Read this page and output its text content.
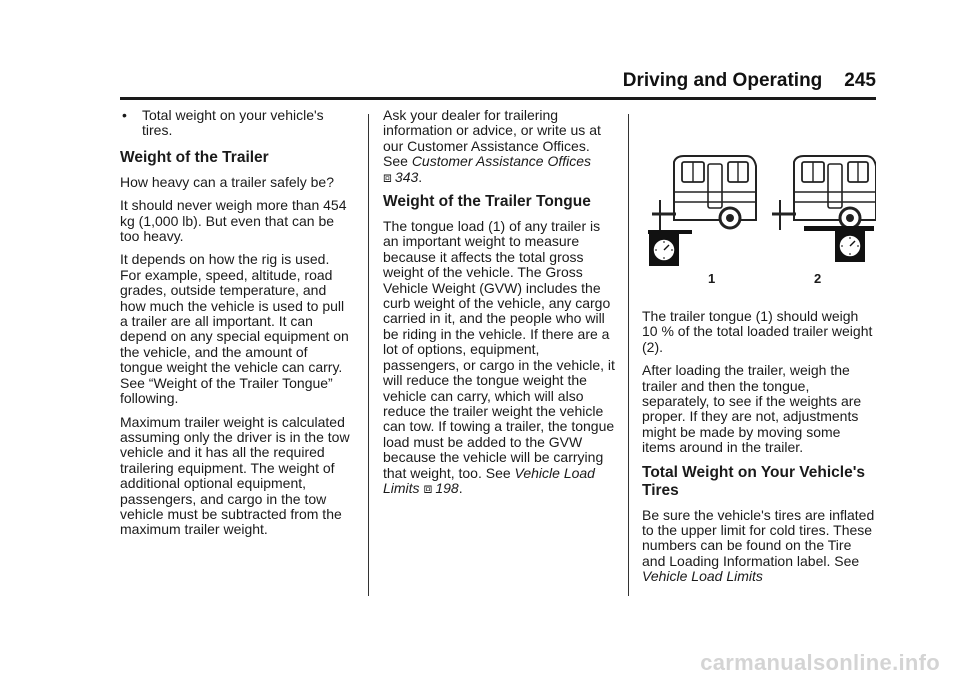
Driving and Operating 245
• Total weight on your vehicle's tires.
Weight of the Trailer

How heavy can a trailer safely be?

It should never weigh more than 454 kg (1,000 lb). But even that can be too heavy.

It depends on how the rig is used. For example, speed, altitude, road grades, outside temperature, and how much the vehicle is used to pull a trailer are all important. It can depend on any special equipment on the vehicle, and the amount of tongue weight the vehicle can carry. See “Weight of the Trailer Tongue” following.

Maximum trailer weight is calculated assuming only the driver is in the tow vehicle and it has all the required trailering equipment. The weight of additional optional equipment, passengers, and cargo in the tow vehicle must be subtracted from the maximum trailer weight.

Ask your dealer for trailering information or advice, or write us at our Customer Assistance Offices. See Customer Assistance Offices
⧈ 343.

Weight of the Trailer Tongue

The tongue load (1) of any trailer is an important weight to measure because it affects the total gross weight of the vehicle. The Gross Vehicle Weight (GVW) includes the curb weight of the vehicle, any cargo carried in it, and the people who will be riding in the vehicle. If there are a lot of options, equipment, passengers, or cargo in the vehicle, it will reduce the tongue weight the vehicle can carry, which will also reduce the trailer weight the vehicle can tow. If towing a trailer, the tongue load must be added to the GVW because the vehicle will be carrying that weight, too. See Vehicle Load Limits ⧈ 198.

1	2

The trailer tongue (1) should weigh 10 % of the total loaded trailer weight (2).

After loading the trailer, weigh the trailer and then the tongue, separately, to see if the weights are proper. If they are not, adjustments might be made by moving some items around in the trailer.

Total Weight on Your Vehicle's Tires

Be sure the vehicle's tires are inflated to the upper limit for cold tires. These numbers can be found on the Tire and Loading Information label. See Vehicle Load Limits

carmanualsonline.info
